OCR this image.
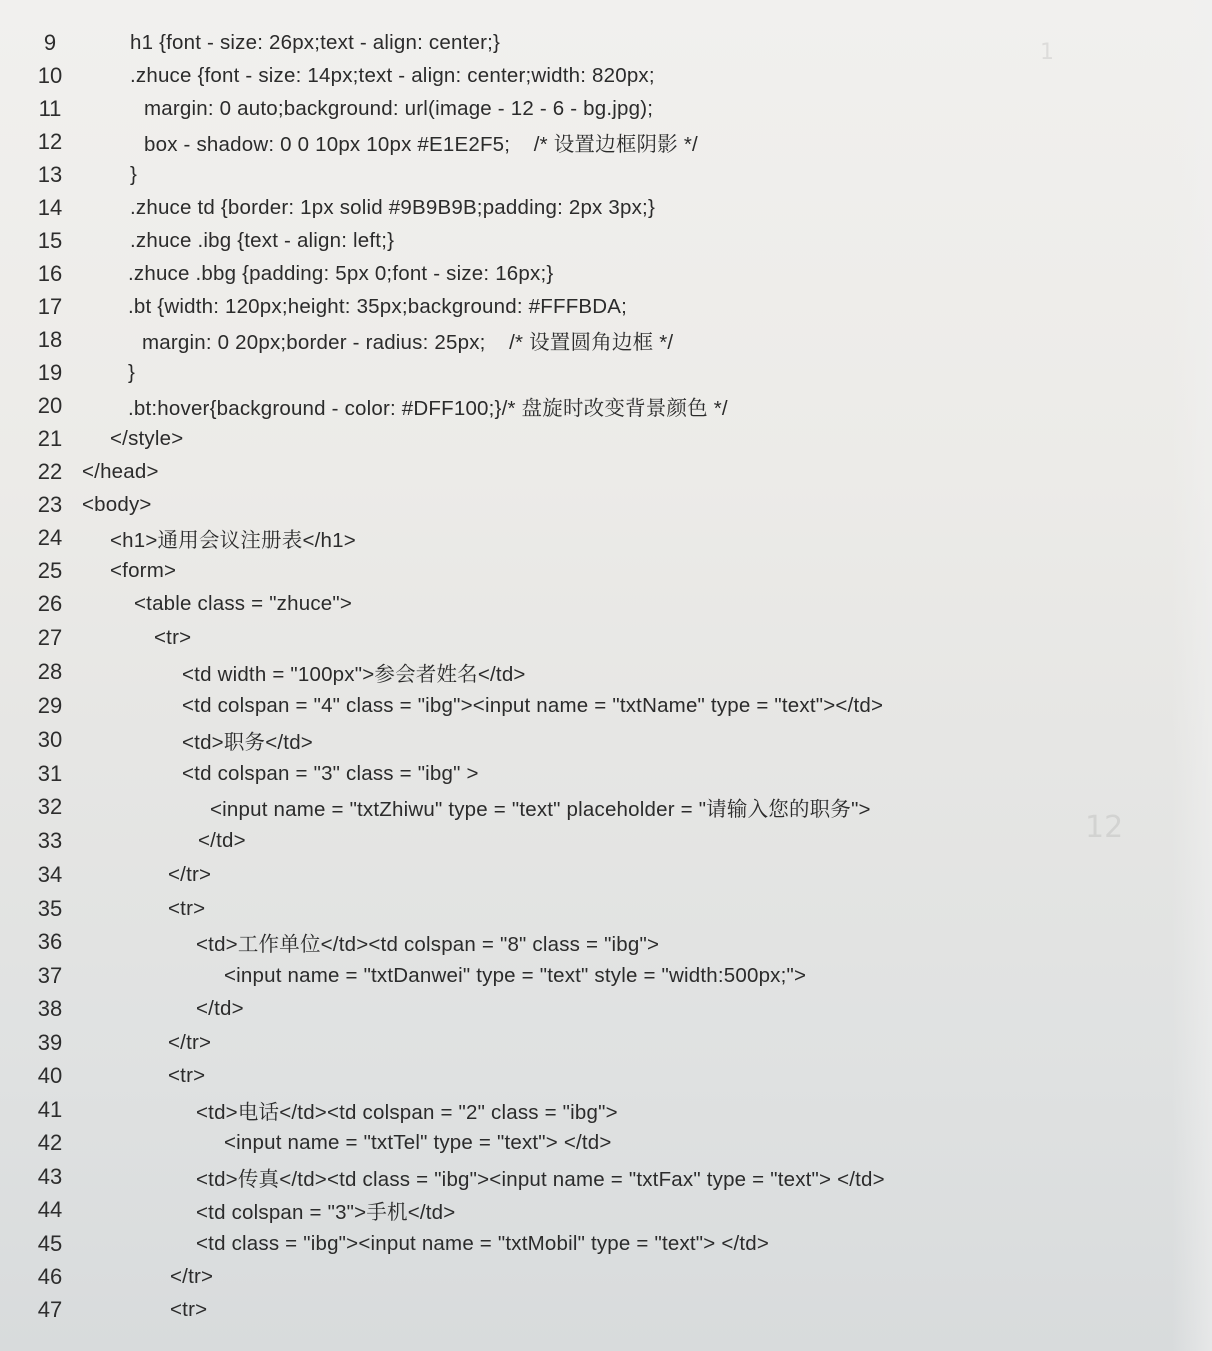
1
12
9	h1 {font - size: 26px;text - align: center;}
10	.zhuce {font - size: 14px;text - align: center;width: 820px;
11	margin: 0 auto;background: url(image - 12 - 6 - bg.jpg);
12	box - shadow: 0 0 10px 10px #E1E2F5;    /* 设置边框阴影 */
13	}
14	.zhuce td {border: 1px solid #9B9B9B;padding: 2px 3px;}
15	.zhuce .ibg {text - align: left;}
16	.zhuce .bbg {padding: 5px 0;font - size: 16px;}
17	.bt {width: 120px;height: 35px;background: #FFFBDA;
18	margin: 0 20px;border - radius: 25px;    /* 设置圆角边框 */
19	}
20	.bt:hover{background - color: #DFF100;}/* 盘旋时改变背景颜色 */
21	</style>
22 </head>
23 <body>
24	<h1>通用会议注册表</h1>
25	<form>
26	<table class = "zhuce">
27	<tr>
28	<td width = "100px">参会者姓名</td>
29	<td colspan = "4" class = "ibg"><input name = "txtName" type = "text"></td>
30	<td>职务</td>
31	<td colspan = "3" class = "ibg" >
32	<input name = "txtZhiwu" type = "text" placeholder = "请输入您的职务">
33	</td>
34	</tr>
35	<tr>
36	<td>工作单位</td><td colspan = "8" class = "ibg">
37	<input name = "txtDanwei" type = "text" style = "width:500px;">
38	</td>
39	</tr>
40	<tr>
41	<td>电话</td><td colspan = "2" class = "ibg">
42	<input name = "txtTel" type = "text"> </td>
43	<td>传真</td><td class = "ibg"><input name = "txtFax" type = "text"> </td>
44	<td colspan = "3">手机</td>
45	<td class = "ibg"><input name = "txtMobil" type = "text"> </td>
46	</tr>
47	<tr>
